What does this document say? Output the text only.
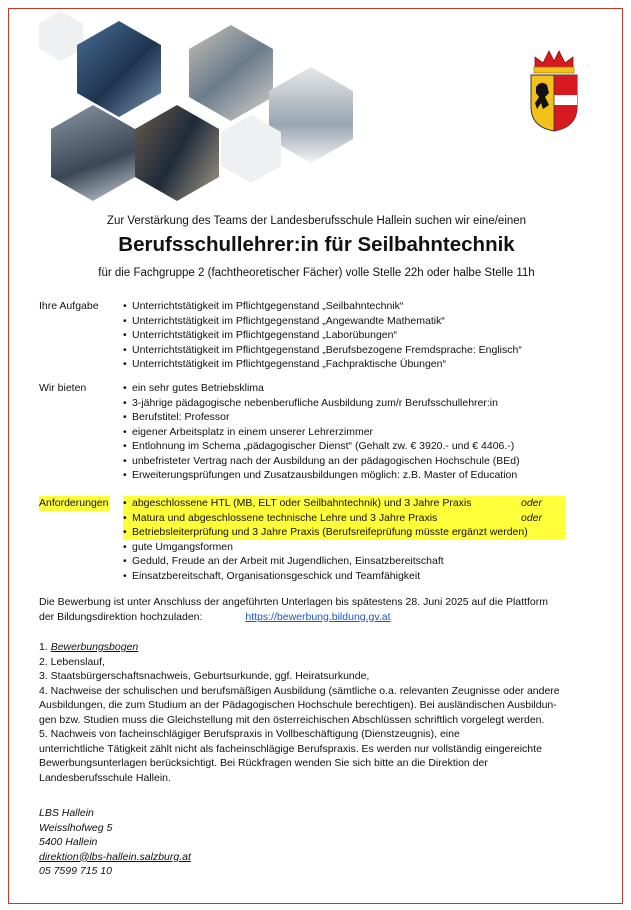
Zur Verstärkung des Teams der Landesberufsschule Hallein suchen wir eine/einen
Berufsschullehrer:in für Seilbahntechnik
für die Fachgruppe 2 (fachtheoretischer Fächer) volle Stelle 22h oder halbe Stelle 11h
Ihre Aufgabe	• Unterrichtstätigkeit im Pflichtgegenstand „Seilbahntechnik“
• Unterrichtstätigkeit im Pflichtgegenstand „Angewandte Mathematik“
• Unterrichtstätigkeit im Pflichtgegenstand „Laborübungen“
• Unterrichtstätigkeit im Pflichtgegenstand „Berufsbezogene Fremdsprache: Englisch“
• Unterrichtstätigkeit im Pflichtgegenstand „Fachpraktische Übungen“
Wir bieten	• ein sehr gutes Betriebsklima
• 3-jährige pädagogische nebenberufliche Ausbildung zum/r Berufsschullehrer:in
• Berufstitel: Professor
• eigener Arbeitsplatz in einem unserer Lehrerzimmer
• Entlohnung im Schema „pädagogischer Dienst“ (Gehalt zw. € 3920.- und € 4406.-)
• unbefristeter Vertrag nach der Ausbildung an der pädagogischen Hochschule (BEd)
• Erweiterungsprüfungen und Zusatzausbildungen möglich: z.B. Master of Education
Anforderungen	• abgeschlossene HTL (MB, ELT oder Seilbahntechnik) und 3 Jahre Praxis	oder
• Matura und abgeschlossene technische Lehre und 3 Jahre Praxis	oder
• Betriebsleiterprüfung und 3 Jahre Praxis (Berufsreifeprüfung müsste ergänzt werden)
• gute Umgangsformen
• Geduld, Freude an der Arbeit mit Jugendlichen, Einsatzbereitschaft
• Einsatzbereitschaft, Organisationsgeschick und Teamfähigkeit
Die Bewerbung ist unter Anschluss der angeführten Unterlagen bis spätestens 28. Juni 2025 auf die Plattform
der Bildungsdirektion hochzuladen:	https://bewerbung.bildung.gv.at
1. Bewerbungsbogen
2. Lebenslauf,
3. Staatsbürgerschaftsnachweis, Geburtsurkunde, ggf. Heiratsurkunde,
4. Nachweise der schulischen und berufsmäßigen Ausbildung (sämtliche o.a. relevanten Zeugnisse oder andere
Ausbildungen, die zum Studium an der Pädagogischen Hochschule berechtigen). Bei ausländischen Ausbildun-
gen bzw. Studien muss die Gleichstellung mit den österreichischen Abschlüssen schriftlich vorgelegt werden.
5. Nachweis von facheinschlägiger Berufspraxis in Vollbeschäftigung (Dienstzeugnis), eine
unterrichtliche Tätigkeit zählt nicht als facheinschlägige Berufspraxis. Es werden nur vollständig eingereichte
Bewerbungsunterlagen berücksichtigt. Bei Rückfragen wenden Sie sich bitte an die Direktion der
Landesberufsschule Hallein.
LBS Hallein
Weisslhofweg 5
5400 Hallein
direktion@lbs-hallein.salzburg.at
05 7599 715 10
